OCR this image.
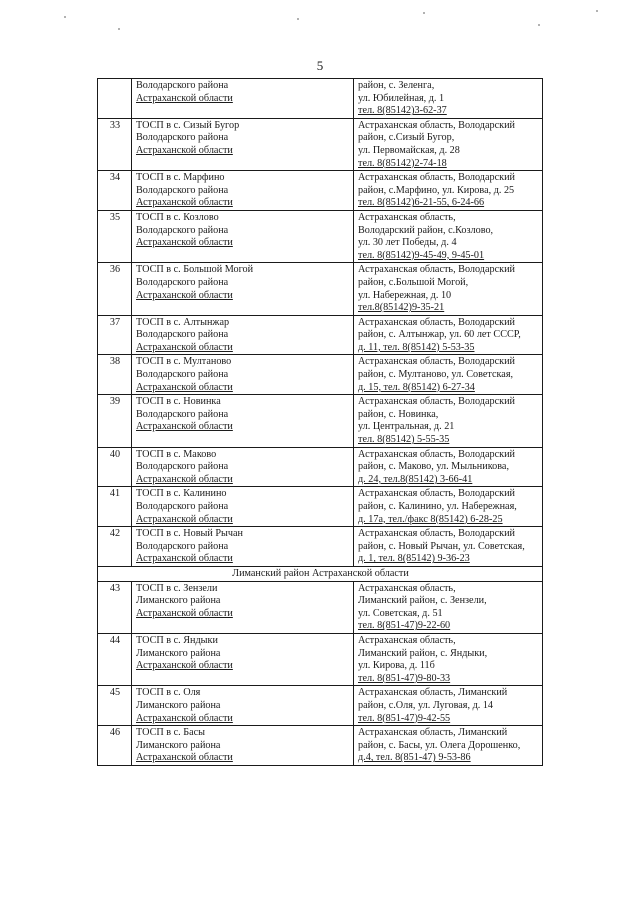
5

	Володарского района
Астраханской области	район, с. Зеленга,
ул. Юбилейная, д. 1
тел. 8(85142)3-62-37

33	ТОСП в с. Сизый Бугор
Володарского района
Астраханской области	Астраханская область, Володарский
район, с.Сизый Бугор,
ул. Первомайская, д. 28
тел. 8(85142)2-74-18

34	ТОСП в с. Марфино
Володарского района
Астраханской области	Астраханская область, Володарский
район, с.Марфино, ул. Кирова, д. 25
тел. 8(85142)6-21-55, 6-24-66

35	ТОСП в с. Козлово
Володарского района
Астраханской области	Астраханская область,
Володарский район, с.Козлово,
ул. 30 лет Победы, д. 4
тел. 8(85142)9-45-49, 9-45-01

36	ТОСП в с. Большой Могой
Володарского района
Астраханской области	Астраханская область, Володарский
район, с.Большой Могой,
ул. Набережная, д. 10
тел.8(85142)9-35-21

37	ТОСП в с. Алтынжар
Володарского района
Астраханской области	Астраханская область, Володарский
район, с. Алтынжар, ул. 60 лет СССР,
д. 11, тел. 8(85142) 5-53-35

38	ТОСП в с. Мултаново
Володарского района
Астраханской области	Астраханская область, Володарский
район, с. Мултаново, ул. Советская,
д. 15, тел. 8(85142) 6-27-34

39	ТОСП в с. Новинка
Володарского района
Астраханской области	Астраханская область, Володарский
район, с. Новинка,
ул. Центральная, д. 21
тел. 8(85142) 5-55-35

40	ТОСП в с. Маково
Володарского района
Астраханской области	Астраханская область, Володарский
район, с. Маково, ул. Мыльникова,
д. 24, тел.8(85142) 3-66-41

41	ТОСП в с. Калинино
Володарского района
Астраханской области	Астраханская область, Володарский
район, с. Калинино, ул. Набережная,
д. 17а, тел./факс 8(85142) 6-28-25

42	ТОСП в с. Новый Рычан
Володарского района
Астраханской области	Астраханская область, Володарский
район, с. Новый Рычан, ул. Советская,
д. 1, тел. 8(85142) 9-36-23

Лиманский район Астраханской области		
43	ТОСП в с. Зензели
Лиманского района
Астраханской области	Астраханская область,
Лиманский район, с. Зензели,
ул. Советская, д. 51
тел. 8(851-47)9-22-60

44	ТОСП в с. Яндыки
Лиманского района
Астраханской области	Астраханская область,
Лиманский район, с. Яндыки,
ул. Кирова, д. 11б
тел. 8(851-47)9-80-33

45	ТОСП в с. Оля
Лиманского района
Астраханской области	Астраханская область, Лиманский
район, с.Оля, ул. Луговая, д. 14
тел. 8(851-47)9-42-55

46	ТОСП в с. Басы
Лиманского района
Астраханской области	Астраханская область, Лиманский
район, с. Басы, ул. Олега Дорошенко,
д.4, тел. 8(851-47) 9-53-86
